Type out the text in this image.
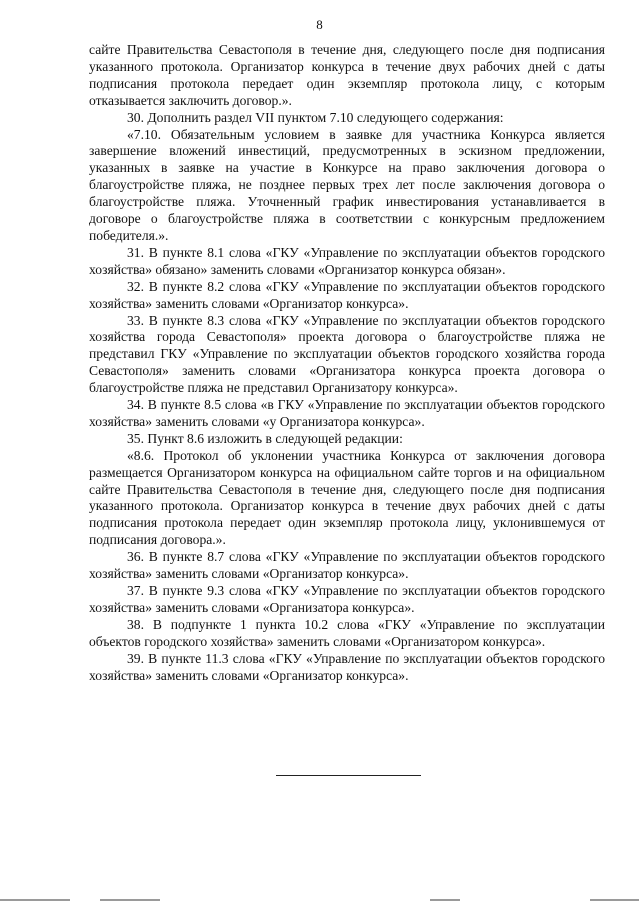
8

сайте Правительства Севастополя в течение дня, следующего после дня подписания указанного протокола. Организатор конкурса в течение двух рабочих дней с даты подписания протокола передает один экземпляр протокола лицу, с которым отказывается заключить договор.».

30. Дополнить раздел VII пунктом 7.10 следующего содержания:

«7.10. Обязательным условием в заявке для участника Конкурса является завершение вложений инвестиций, предусмотренных в эскизном предложении, указанных в заявке на участие в Конкурсе на право заключения договора о благоустройстве пляжа, не позднее первых трех лет после заключения договора о благоустройстве пляжа. Уточненный график инвестирования устанавливается в договоре о благоустройстве пляжа в соответствии с конкурсным предложением победителя.».

31. В пункте 8.1 слова «ГКУ «Управление по эксплуатации объектов городского хозяйства» обязано» заменить словами «Организатор конкурса обязан».

32. В пункте 8.2 слова «ГКУ «Управление по эксплуатации объектов городского хозяйства» заменить словами «Организатор конкурса».

33. В пункте 8.3 слова «ГКУ «Управление по эксплуатации объектов городского хозяйства города Севастополя» проекта договора о благоустройстве пляжа не представил ГКУ «Управление по эксплуатации объектов городского хозяйства города Севастополя» заменить словами «Организатора конкурса проекта договора о благоустройстве пляжа не представил Организатору конкурса».

34. В пункте 8.5 слова «в ГКУ «Управление по эксплуатации объектов городского хозяйства» заменить словами «у Организатора конкурса».

35. Пункт 8.6 изложить в следующей редакции:

«8.6. Протокол об уклонении участника Конкурса от заключения договора размещается Организатором конкурса на официальном сайте торгов и на официальном сайте Правительства Севастополя в течение дня, следующего после дня подписания указанного протокола. Организатор конкурса в течение двух рабочих дней с даты подписания протокола передает один экземпляр протокола лицу, уклонившемуся от подписания договора.».

36. В пункте 8.7 слова «ГКУ «Управление по эксплуатации объектов городского хозяйства» заменить словами «Организатор конкурса».

37. В пункте 9.3 слова «ГКУ «Управление по эксплуатации объектов городского хозяйства» заменить словами «Организатора конкурса».

38. В подпункте 1 пункта 10.2 слова «ГКУ «Управление по эксплуатации объектов городского хозяйства» заменить словами «Организатором конкурса».

39. В пункте 11.3 слова «ГКУ «Управление по эксплуатации объектов городского хозяйства» заменить словами «Организатор конкурса».
